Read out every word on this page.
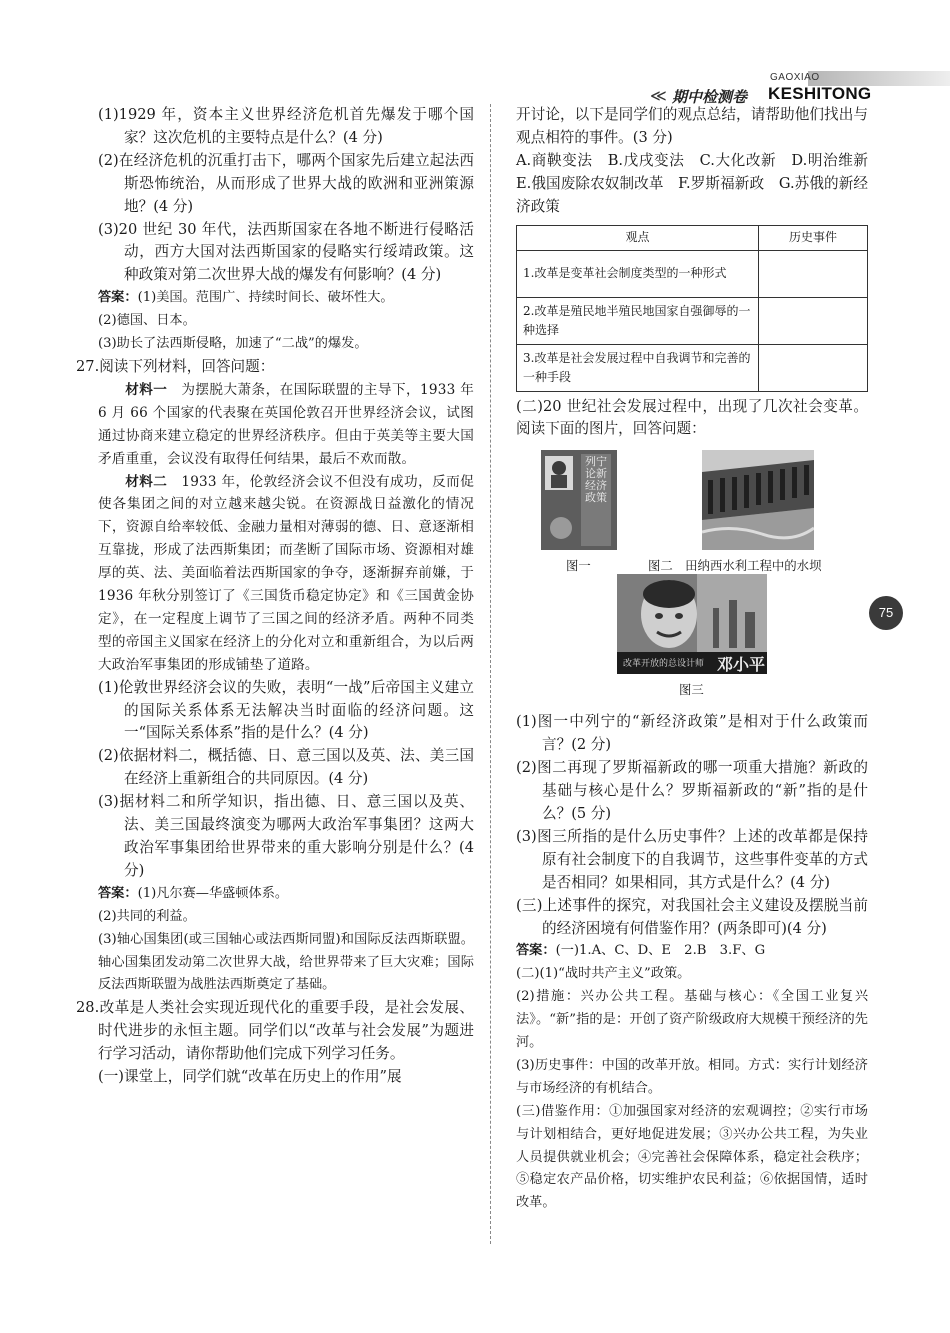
≪ 期中检测卷
GAOXIAO
KESHITONG

(1)1929 年，资本主义世界经济危机首先爆发于哪个国家？这次危机的主要特点是什么？(4 分)

(2)在经济危机的沉重打击下，哪两个国家先后建立起法西斯恐怖统治，从而形成了世界大战的欧洲和亚洲策源地？(4 分)

(3)20 世纪 30 年代，法西斯国家在各地不断进行侵略活动，西方大国对法西斯国家的侵略实行绥靖政策。这种政策对第二次世界大战的爆发有何影响？(4 分)

答案：(1)美国。范围广、持续时间长、破坏性大。

(2)德国、日本。

(3)助长了法西斯侵略，加速了“二战”的爆发。

27.阅读下列材料，回答问题：

材料一　为摆脱大萧条，在国际联盟的主导下，1933 年 6 月 66 个国家的代表聚在英国伦敦召开世界经济会议，试图通过协商来建立稳定的世界经济秩序。但由于英美等主要大国矛盾重重，会议没有取得任何结果，最后不欢而散。

材料二　1933 年，伦敦经济会议不但没有成功，反而促使各集团之间的对立越来越尖锐。在资源战日益激化的情况下，资源自给率较低、金融力量相对薄弱的德、日、意逐渐相互靠拢，形成了法西斯集团；而垄断了国际市场、资源相对雄厚的英、法、美面临着法西斯国家的争夺，逐渐摒弃前嫌，于 1936 年秋分别签订了《三国货币稳定协定》和《三国黄金协定》，在一定程度上调节了三国之间的经济矛盾。两种不同类型的帝国主义国家在经济上的分化对立和重新组合，为以后两大政治军事集团的形成铺垫了道路。

(1)伦敦世界经济会议的失败，表明“一战”后帝国主义建立的国际关系体系无法解决当时面临的经济问题。这一“国际关系体系”指的是什么？(4 分)

(2)依据材料二，概括德、日、意三国以及英、法、美三国在经济上重新组合的共同原因。(4 分)

(3)据材料二和所学知识，指出德、日、意三国以及英、法、美三国最终演变为哪两大政治军事集团？这两大政治军事集团给世界带来的重大影响分别是什么？(4 分)

答案：(1)凡尔赛—华盛顿体系。

(2)共同的利益。

(3)轴心国集团(或三国轴心或法西斯同盟)和国际反法西斯联盟。轴心国集团发动第二次世界大战，给世界带来了巨大灾难；国际反法西斯联盟为战胜法西斯奠定了基础。

28.改革是人类社会实现近现代化的重要手段，是社会发展、时代进步的永恒主题。同学们以“改革与社会发展”为题进行学习活动，请你帮助他们完成下列学习任务。

(一)课堂上，同学们就“改革在历史上的作用”展

开讨论，以下是同学们的观点总结，请帮助他们找出与观点相符的事件。(3 分)

A.商鞅变法　B.戊戌变法　C.大化改新　D.明治维新　E.俄国废除农奴制改革　F.罗斯福新政　G.苏俄的新经济政策

观点	历史事件
1.改革是变革社会制度类型的一种形式	
2.改革是殖民地半殖民地国家自强御辱的一种选择	
3.改革是社会发展过程中自我调节和完善的一种手段	

(二)20 世纪社会发展过程中，出现了几次社会变革。阅读下面的图片，回答问题：

(1)图一中列宁的“新经济政策”是相对于什么政策而言？(2 分)

(2)图二再现了罗斯福新政的哪一项重大措施？新政的基础与核心是什么？罗斯福新政的“新”指的是什么？(5 分)

(3)图三所指的是什么历史事件？上述的改革都是保持原有社会制度下的自我调节，这些事件变革的方式是否相同？如果相同，其方式是什么？(4 分)

(三)上述事件的探究，对我国社会主义建设及摆脱当前的经济困境有何借鉴作用？(两条即可)(4 分)

答案：(一)1.A、C、D、E　2.B　3.F、G

(二)(1)“战时共产主义”政策。

(2)措施：兴办公共工程。基础与核心：《全国工业复兴法》。“新”指的是：开创了资产阶级政府大规模干预经济的先河。

(3)历史事件：中国的改革开放。相同。方式：实行计划经济与市场经济的有机结合。

(三)借鉴作用：①加强国家对经济的宏观调控；②实行市场与计划相结合，更好地促进发展；③兴办公共工程，为失业人员提供就业机会；④完善社会保障体系，稳定社会秩序；⑤稳定农产品价格，切实维护农民利益；⑥依据国情，适时改革。

列宁论新经济政策
图一	图二　田纳西水利工程中的水坝
改革开放的总设计师 邓小平
图三
75
